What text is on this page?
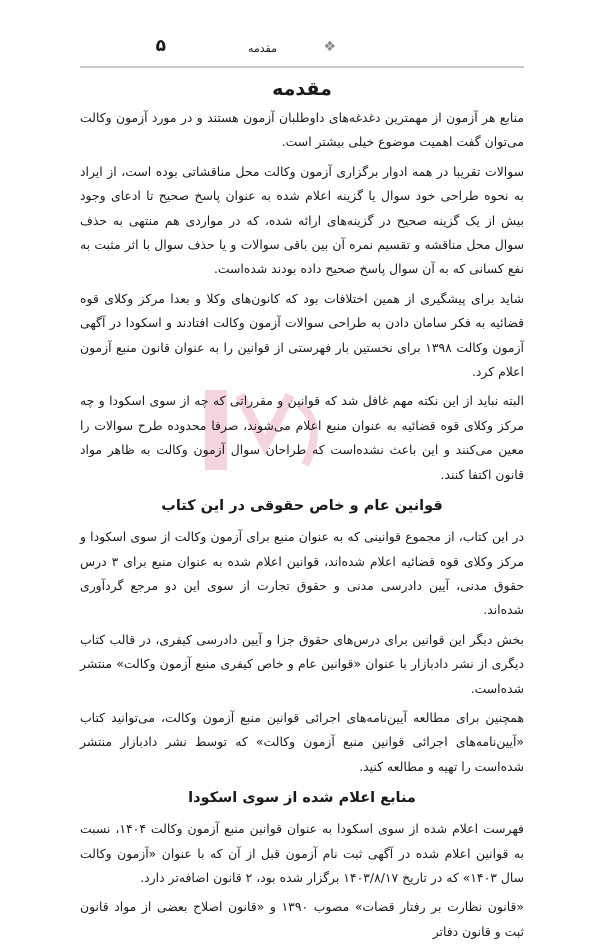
مقدمه	❖
۵
مقدمه

منابع هر آزمون از مهمترین دغدغه‌های داوطلبان آزمون هستند و در مورد آزمون وکالت می‌توان گفت اهمیت موضوع خیلی بیشتر است.

سوالات تقریبا در همه ادوار برگزاری آزمون وکالت محل مناقشاتی بوده است، از ایراد به نحوه طراحی خود سوال یا گزینه اعلام شده به عنوان پاسخ صحیح تا ادعای وجود بیش از یک گزینه صحیح در گزینه‌های ارائه شده، که در مواردی هم منتهی به حذف سوال محل مناقشه و تقسیم نمره آن بین باقی سوالات و یا حذف سوال با اثر مثبت به نفع کسانی که به آن سوال پاسخ صحیح داده بودند شده‌است.

شاید برای پیشگیری از همین اختلافات بود که کانون‌های وکلا و بعدا مرکز وکلای قوه قضائیه به فکر سامان دادن به طراحی سوالات آزمون وکالت افتادند و اسکودا در آگهی آزمون وکالت ۱۳۹۸ برای نخستین بار فهرستی از قوانین را به عنوان قانون منبع آزمون اعلام کرد.

البته نباید از این نکته مهم غافل شد که قوانین و مقرراتی که چه از سوی اسکودا و چه مرکز وکلای قوه قضائیه به عنوان منبع اعلام می‌شوند، صرفا محدوده طرح سوالات را معین می‌کنند و این باعث نشده‌است که طراحان سوال آزمون وکالت به ظاهر مواد قانون اکتفا کنند.

قوانین عام و خاص حقوقی در این کتاب

در این کتاب، از مجموع قوانینی که به عنوان منبع برای آزمون وکالت از سوی اسکودا و مرکز وکلای قوه قضائیه اعلام شده‌اند، قوانین اعلام شده به عنوان منبع برای ۳ درس حقوق مدنی، آیین دادرسی مدنی و حقوق تجارت از سوی این دو مرجع گردآوری شده‌اند.

بخش دیگر این قوانین برای درس‌های حقوق جزا و آیین دادرسی کیفری، در قالب کتاب دیگری از نشر دادبازار با عنوان «قوانین عام و خاص کیفری منبع آزمون وکالت» منتشر شده‌است.

همچنین برای مطالعه آیین‌نامه‌های اجرائی قوانین منبع آزمون وکالت، می‌توانید کتاب «آیین‌نامه‌های اجرائی قوانین منبع آزمون وکالت» که توسط نشر دادبازار منتشر شده‌است را تهیه و مطالعه کنید.

منابع اعلام شده از سوی اسکودا

فهرست اعلام شده از سوی اسکودا به عنوان قوانین منبع آزمون وکالت ۱۴۰۴، نسبت به قوانین اعلام شده در آگهی ثبت نام آزمون قبل از آن که با عنوان «آزمون وکالت سال ۱۴۰۳» که در تاریخ ۱۴۰۳/۸/۱۷ برگزار شده بود، ۲ قانون اضافه‌تر دارد.

«قانون نظارت بر رفتار قضات» مصوب ۱۳۹۰ و «قانون اصلاح بعضی از مواد قانون ثبت و قانون دفاتر
